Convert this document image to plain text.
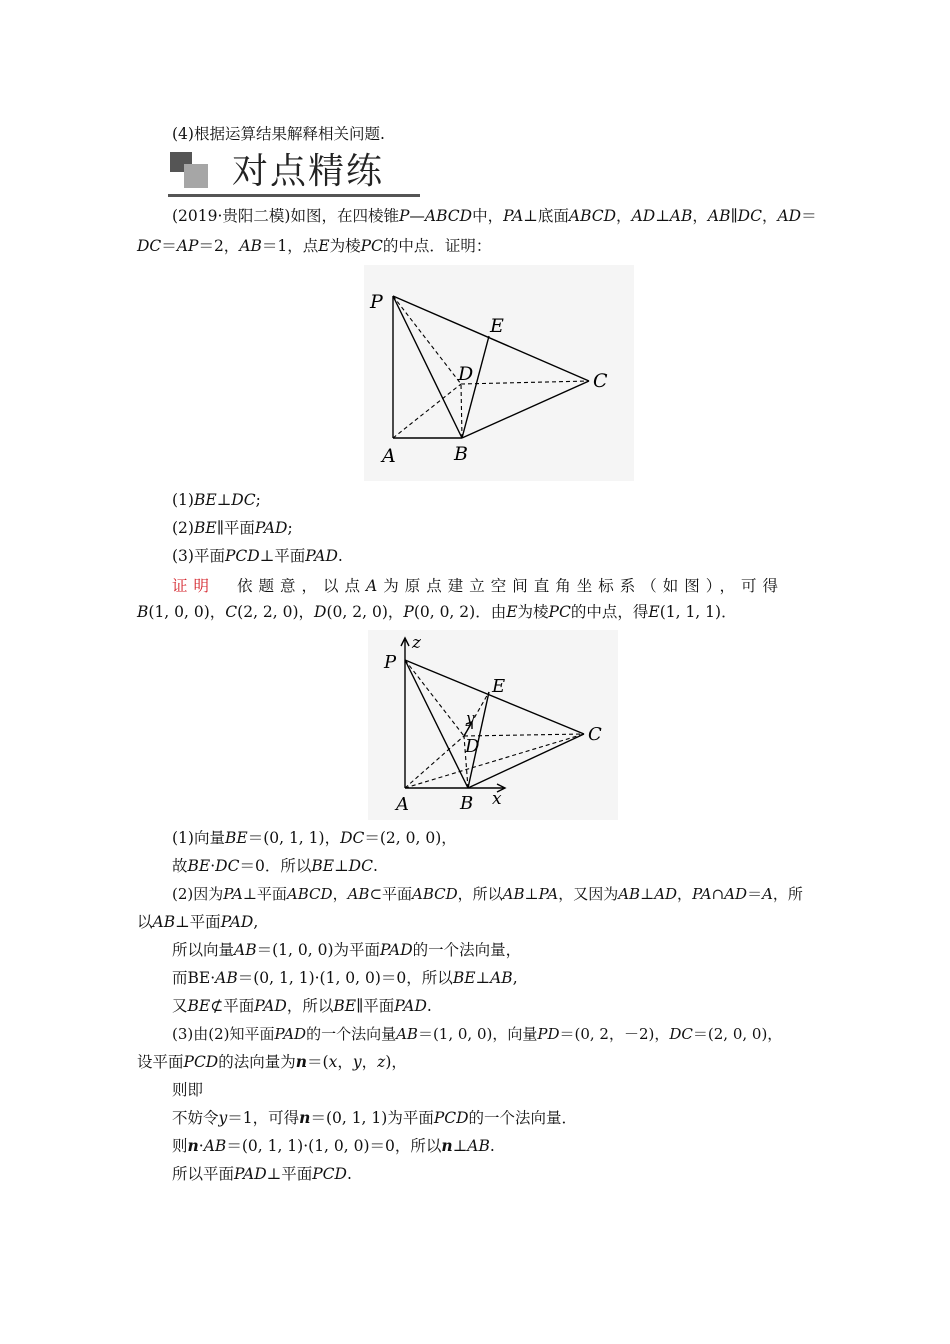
(4)根据运算结果解释相关问题.
对点精练
(2019·贵阳二模)如图，在四棱锥P—ABCD中，PA⊥底面ABCD，AD⊥AB，AB∥DC，AD＝
DC＝AP＝2，AB＝1，点E为棱PC的中点．证明：
P
E
D	C
A	B
(1)BE⊥DC;
(2)BE∥平面PAD;
(3)平面PCD⊥平面PAD.
证明 依题意，以点A 为原点建立空间直角坐标系（如图），可得
B(1, 0, 0)，C(2, 2, 0)，D(0, 2, 0)，P(0, 0, 2)．由E为棱PC的中点，得E(1, 1, 1)．
z
P
E
y
D
C
A	B x
(1)向量BE＝(0, 1, 1)，DC＝(2, 0, 0)，
故BE·DC＝0．所以BE⊥DC.
(2)因为PA⊥平面ABCD，AB⊂平面ABCD，所以AB⊥PA，又因为AB⊥AD，PA∩AD＝A，所
以AB⊥平面PAD,
所以向量AB＝(1, 0, 0)为平面PAD的一个法向量，
而BE·AB＝(0, 1, 1)·(1, 0, 0)＝0，所以BE⊥AB,
又BE⊄平面PAD，所以BE∥平面PAD.
(3)由(2)知平面PAD的一个法向量AB＝(1, 0, 0)，向量PD＝(0, 2，－2)，DC＝(2, 0, 0)，
设平面PCD的法向量为n＝(x，y，z)，
则即
不妨令y＝1，可得n＝(0, 1, 1)为平面PCD的一个法向量．
则n·AB＝(0, 1, 1)·(1, 0, 0)＝0，所以n⊥AB.
所以平面PAD⊥平面PCD.
